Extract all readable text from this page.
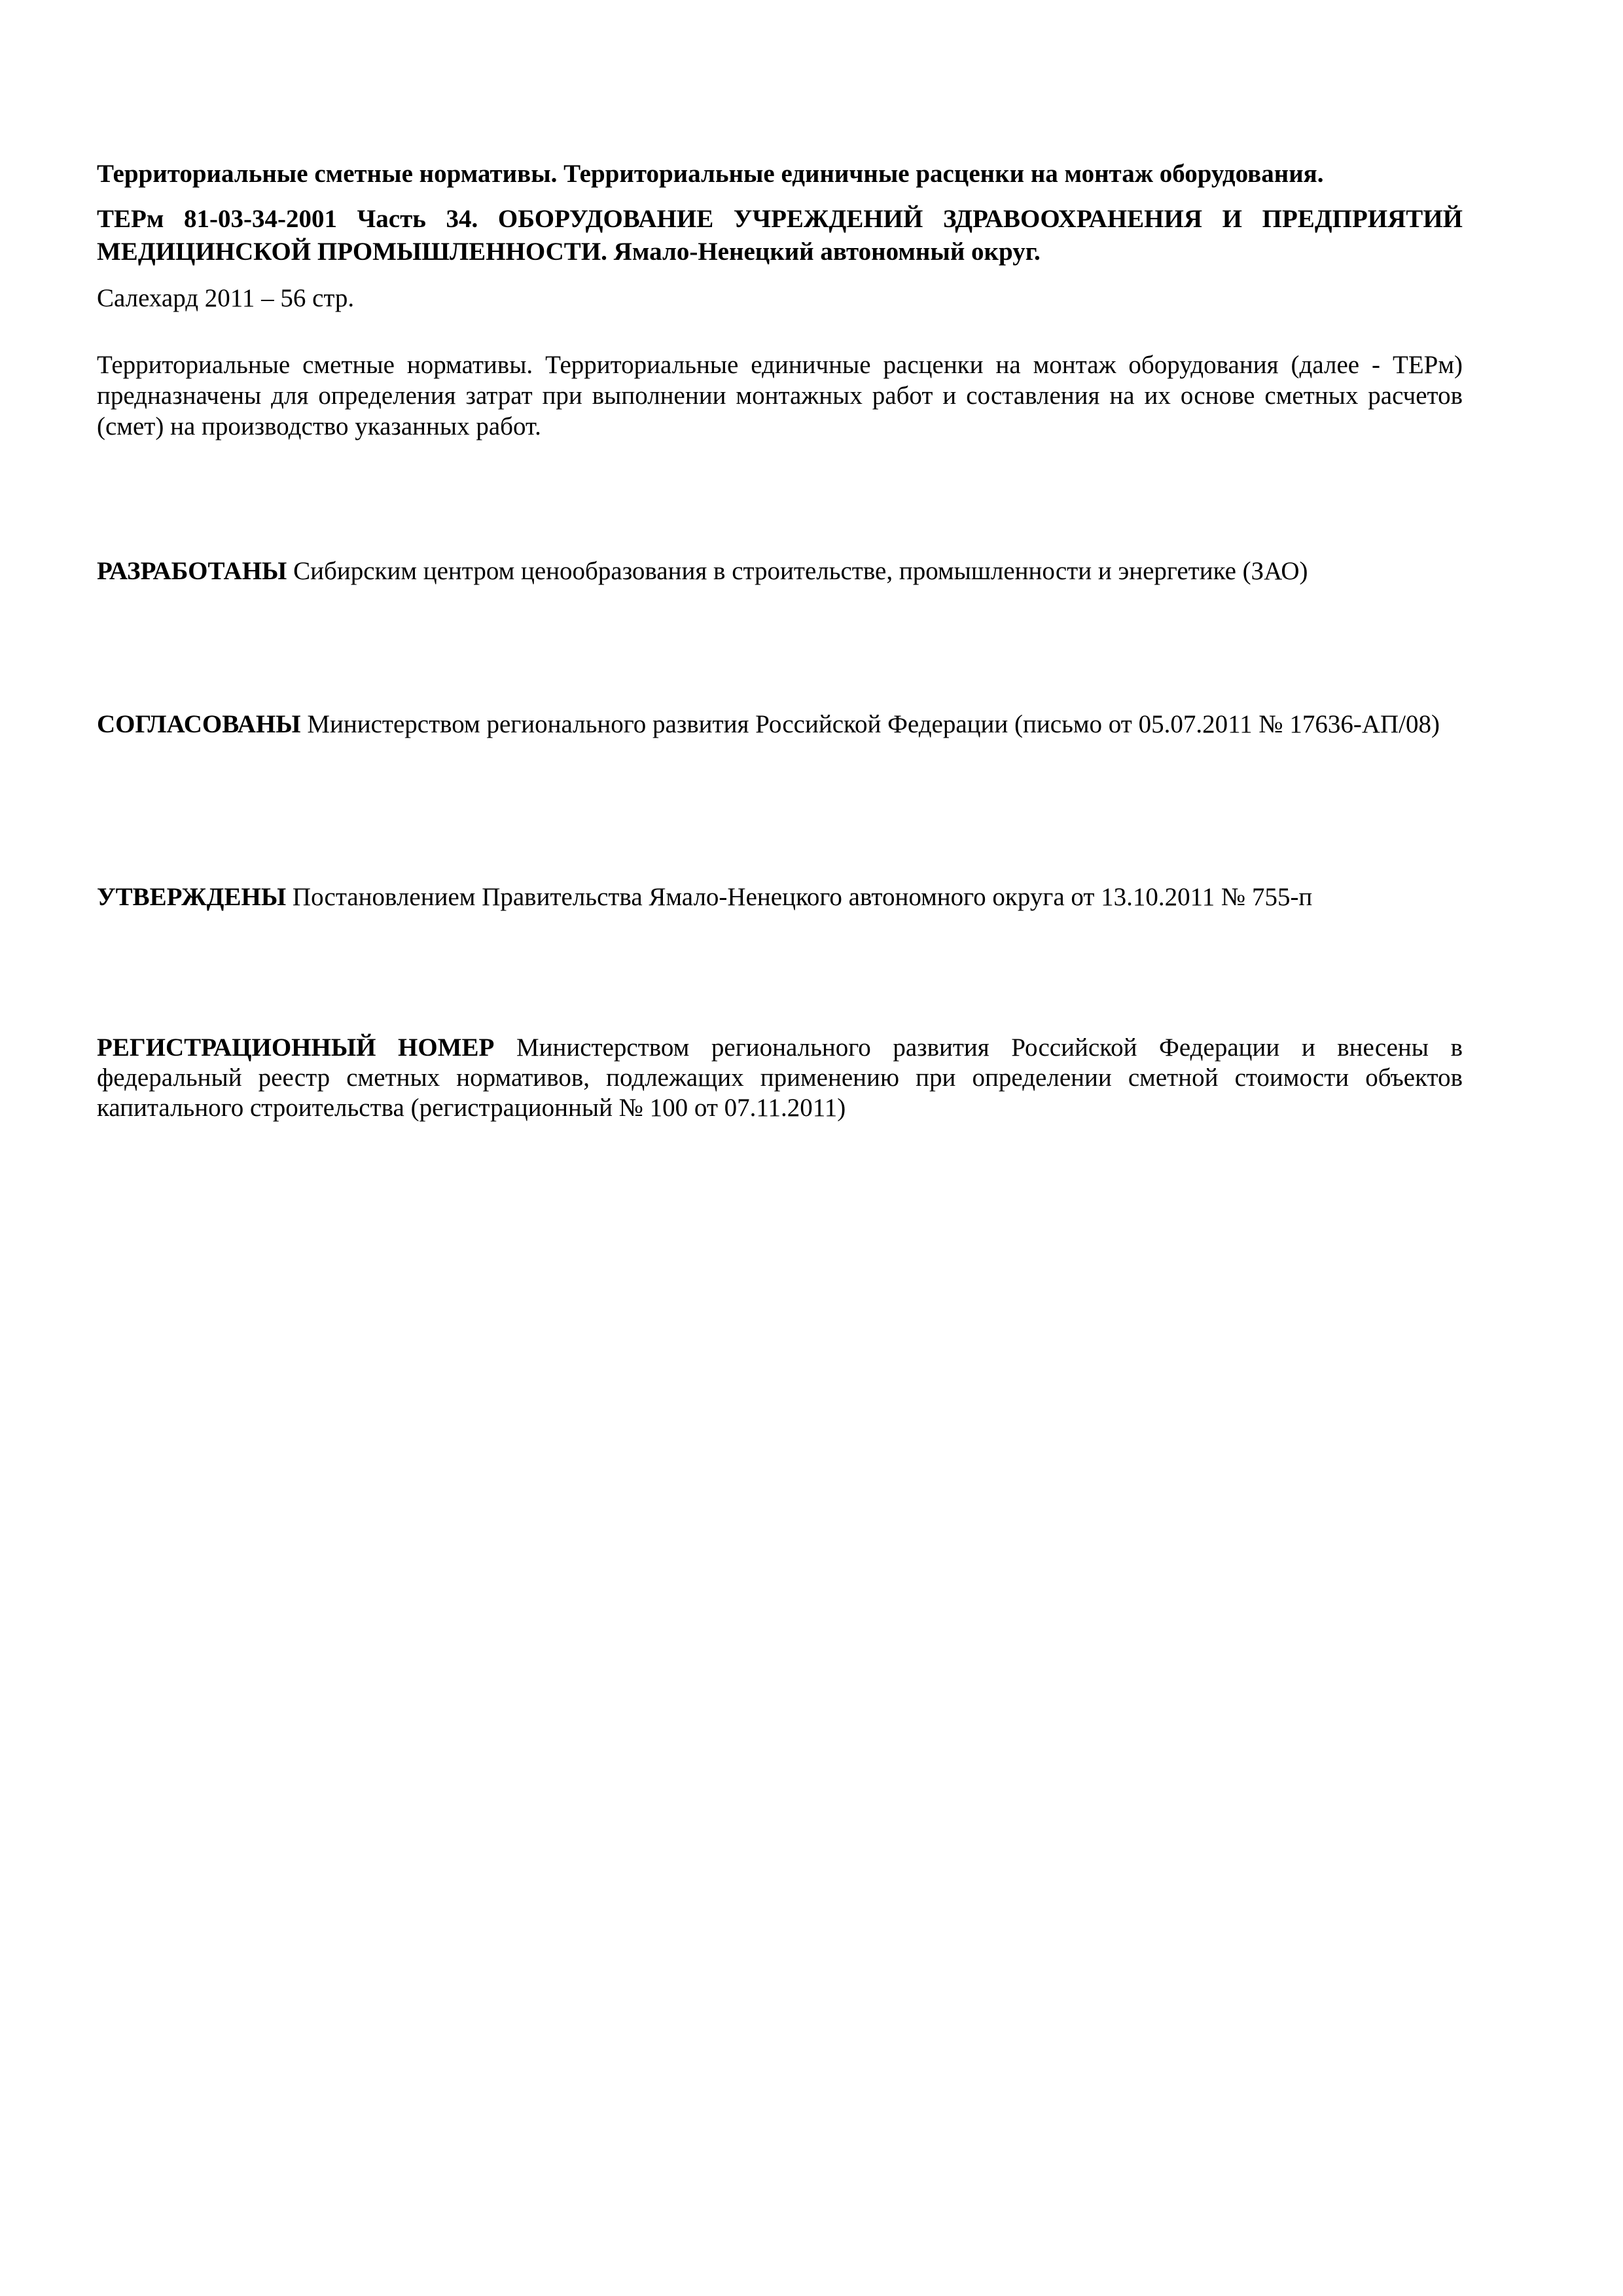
Территориальные сметные нормативы. Территориальные единичные расценки на монтаж оборудования.
ТЕРм 81-03-34-2001 Часть 34. ОБОРУДОВАНИЕ УЧРЕЖДЕНИЙ ЗДРАВООХРАНЕНИЯ И ПРЕДПРИЯТИЙ МЕДИЦИНСКОЙ ПРОМЫШЛЕННОСТИ. Ямало-Ненецкий автономный округ.
Салехард 2011 – 56 стр.
Территориальные сметные нормативы. Территориальные единичные расценки на монтаж оборудования (далее - ТЕРм) предназначены для определения затрат при выполнении монтажных работ и составления на их основе сметных расчетов (смет) на производство указанных работ.
РАЗРАБОТАНЫ Сибирским центром ценообразования в строительстве, промышленности и энергетике (ЗАО)
СОГЛАСОВАНЫ Министерством регионального развития Российской Федерации (письмо от 05.07.2011 № 17636-АП/08)
УТВЕРЖДЕНЫ Постановлением Правительства Ямало-Ненецкого автономного округа от 13.10.2011 № 755-п
РЕГИСТРАЦИОННЫЙ НОМЕР Министерством регионального развития Российской Федерации и внесены в федеральный реестр сметных нормативов, подлежащих применению при определении сметной стоимости объектов капитального строительства (регистрационный № 100 от 07.11.2011)
